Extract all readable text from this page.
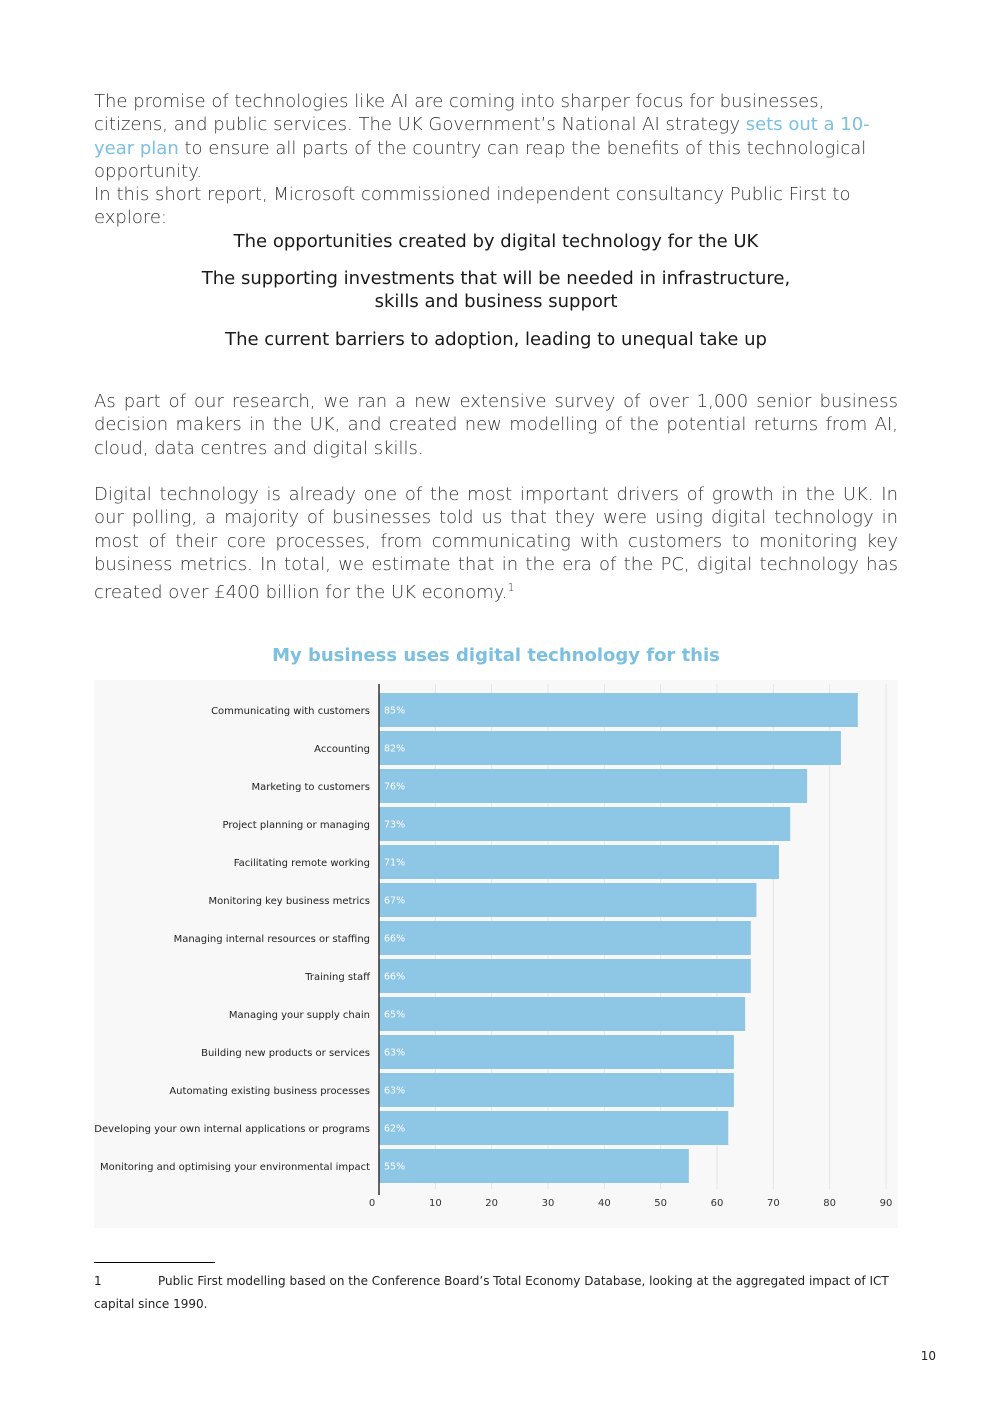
The promise of technologies like AI are coming into sharper focus for businesses, citizens, and public services. The UK Government’s National AI strategy sets out a 10-year plan to ensure all parts of the country can reap the benefits of this technological opportunity.

In this short report, Microsoft commissioned independent consultancy Public First to explore:

The opportunities created by digital technology for the UK

The supporting investments that will be needed in infrastructure,
skills and business support

The current barriers to adoption, leading to unequal take up

As part of our research, we ran a new extensive survey of over 1,000 senior business decision makers in the UK, and created new modelling of the potential returns from AI, cloud, data centres and digital skills.

Digital technology is already one of the most important drivers of growth in the UK. In our polling, a majority of businesses told us that they were using digital technology in most of their core processes, from communicating with customers to monitoring key business metrics. In total, we estimate that in the era of the PC, digital technology has created over £400 billion for the UK economy.$^1$

My business uses digital technology for this

85%
82%
76%
73%
71%
67%
66%
66%
65%
63%
63%
62%
55%
Communicating with customers
Accounting
Marketing to customers
Project planning or managing
Facilitating remote working
Monitoring key business metrics
Managing internal resources or staffing
Training staff
Managing your supply chain
Building new products or services
Automating existing business processes
Developing your own internal applications or programs
Monitoring and optimising your environmental impact
0	10	20	30	40	50	60	70	80	90
1	Public First modelling based on the Conference Board’s Total Economy Database, looking at the aggregated impact of ICT capital since 1990.
10
